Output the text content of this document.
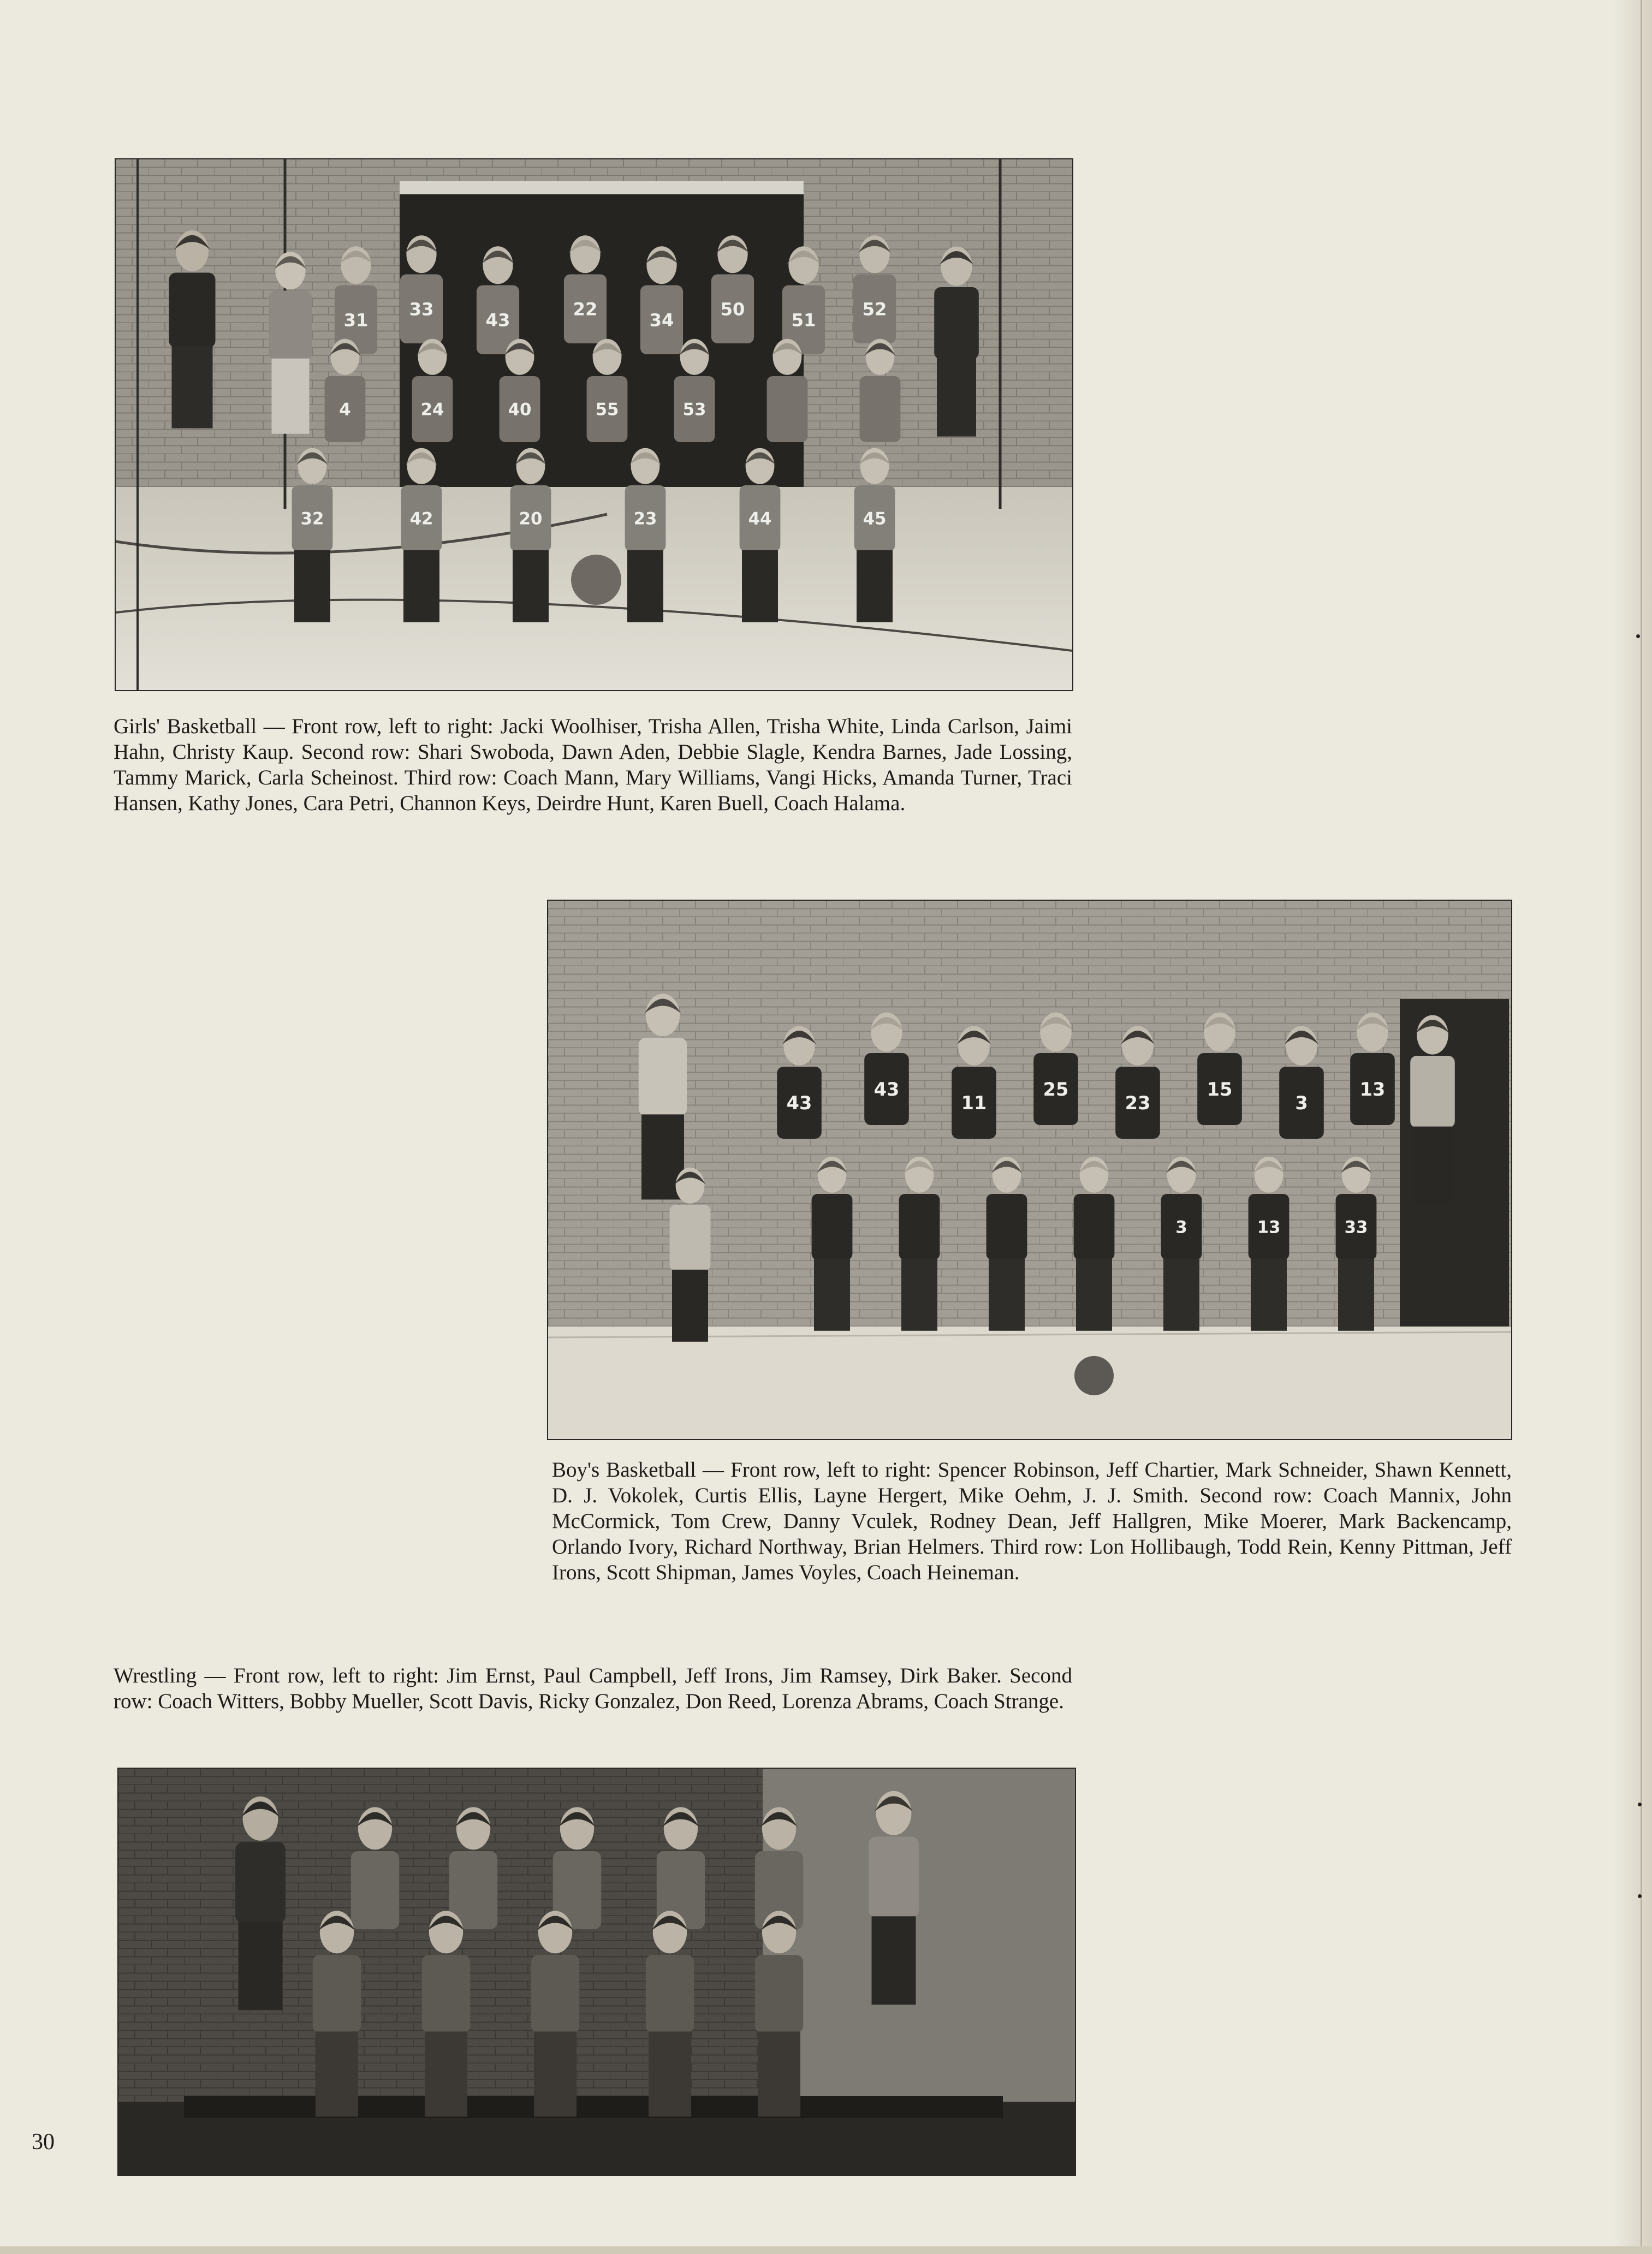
31
33
43
22
34
50
51
52
4	24	40	55	53
32	42	20	23	44	45

Girls' Basketball — Front row, left to right: Jacki Woolhiser, Trisha Allen, Trisha White, Linda Carlson, Jaimi Hahn, Christy Kaup. Second row: Shari Swoboda, Dawn Aden, Debbie Slagle, Kendra Barnes, Jade Lossing, Tammy Marick, Carla Scheinost. Third row: Coach Mann, Mary Williams, Vangi Hicks, Amanda Turner, Traci Hansen, Kathy Jones, Cara Petri, Channon Keys, Deirdre Hunt, Karen Buell, Coach Halama.

43
43
11
25
23
15
3
13
3	13	33

Boy's Basketball — Front row, left to right: Spencer Robinson, Jeff Chartier, Mark Schneider, Shawn Kennett, D. J. Vokolek, Curtis Ellis, Layne Hergert, Mike Oehm, J. J. Smith. Second row: Coach Mannix, John McCormick, Tom Crew, Danny Vculek, Rodney Dean, Jeff Hallgren, Mike Moerer, Mark Backencamp, Orlando Ivory, Richard Northway, Brian Helmers. Third row: Lon Hollibaugh, Todd Rein, Kenny Pittman, Jeff Irons, Scott Shipman, James Voyles, Coach Heineman.

Wrestling — Front row, left to right: Jim Ernst, Paul Campbell, Jeff Irons, Jim Ramsey, Dirk Baker. Second row: Coach Witters, Bobby Mueller, Scott Davis, Ricky Gonzalez, Don Reed, Lorenza Abrams, Coach Strange.

30
